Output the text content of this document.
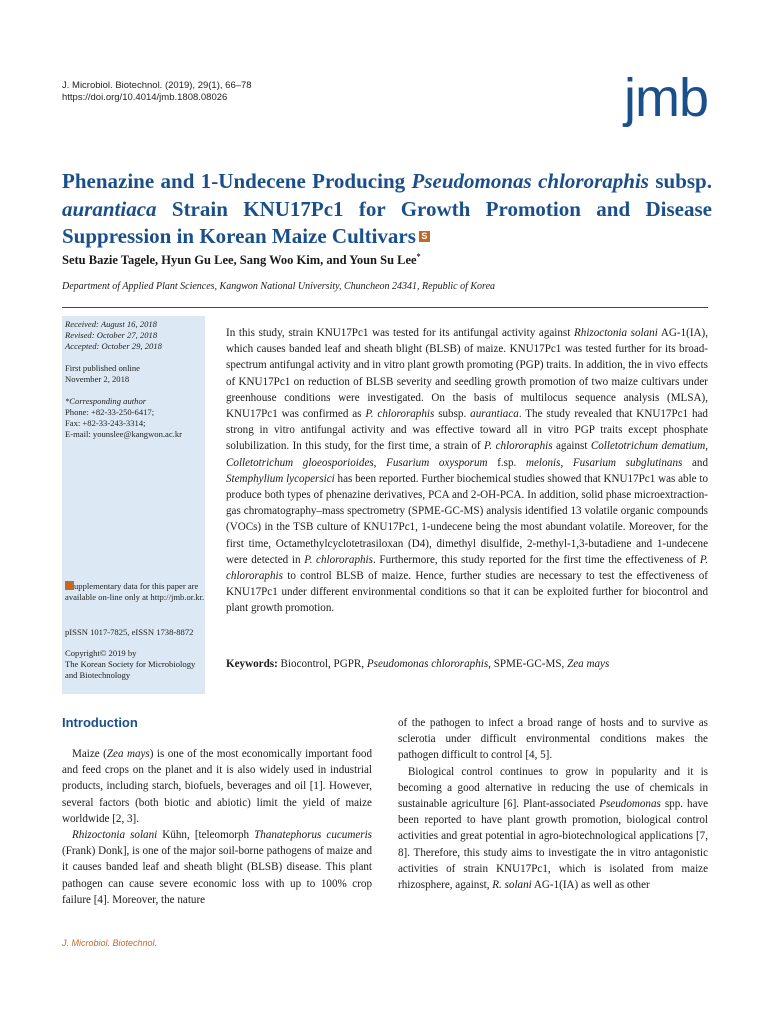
J. Microbiol. Biotechnol. (2019), 29(1), 66–78
https://doi.org/10.4014/jmb.1808.08026	jmb
Phenazine and 1-Undecene Producing Pseudomonas chlororaphis subsp. aurantiaca Strain KNU17Pc1 for Growth Promotion and Disease Suppression in Korean Maize Cultivars S
Setu Bazie Tagele, Hyun Gu Lee, Sang Woo Kim, and Youn Su Lee*
Department of Applied Plant Sciences, Kangwon National University, Chuncheon 24341, Republic of Korea
Received: August 16, 2018
Revised: October 27, 2018
Accepted: October 29, 2018
First published online
November 2, 2018
*Corresponding author
Phone: +82-33-250-6417;
Fax: +82-33-243-3314;
E-mail: younslee@kangwon.ac.kr
upplementary data for this paper are available on-line only at http://jmb.or.kr.
pISSN 1017-7825, eISSN 1738-8872
Copyright© 2019 by
The Korean Society for Microbiology
and Biotechnology

In this study, strain KNU17Pc1 was tested for its antifungal activity against Rhizoctonia solani AG-1(IA), which causes banded leaf and sheath blight (BLSB) of maize. KNU17Pc1 was tested further for its broad-spectrum antifungal activity and in vitro plant growth promoting (PGP) traits. In addition, the in vivo effects of KNU17Pc1 on reduction of BLSB severity and seedling growth promotion of two maize cultivars under greenhouse conditions were investigated. On the basis of multilocus sequence analysis (MLSA), KNU17Pc1 was confirmed as P. chlororaphis subsp. aurantiaca. The study revealed that KNU17Pc1 had strong in vitro antifungal activity and was effective toward all in vitro PGP traits except phosphate solubilization. In this study, for the first time, a strain of P. chlororaphis against Colletotrichum dematium, Colletotrichum gloeosporioides, Fusarium oxysporum f.sp. melonis, Fusarium subglutinans and Stemphylium lycopersici has been reported. Further biochemical studies showed that KNU17Pc1 was able to produce both types of phenazine derivatives, PCA and 2-OH-PCA. In addition, solid phase microextraction-gas chromatography–mass spectrometry (SPME-GC-MS) analysis identified 13 volatile organic compounds (VOCs) in the TSB culture of KNU17Pc1, 1-undecene being the most abundant volatile. Moreover, for the first time, Octamethylcyclotetrasiloxan (D4), dimethyl disulfide, 2-methyl-1,3-butadiene and 1-undecene were detected in P. chlororaphis. Furthermore, this study reported for the first time the effectiveness of P. chlororaphis to control BLSB of maize. Hence, further studies are necessary to test the effectiveness of KNU17Pc1 under different environmental conditions so that it can be exploited further for biocontrol and plant growth promotion.

Keywords: Biocontrol, PGPR, Pseudomonas chlororaphis, SPME-GC-MS, Zea mays
Introduction

Maize (Zea mays) is one of the most economically important food and feed crops on the planet and it is also widely used in industrial products, including starch, biofuels, beverages and oil [1]. However, several factors (both biotic and abiotic) limit the yield of maize worldwide [2, 3].

Rhizoctonia solani Kühn, [teleomorph Thanatephorus cucumeris (Frank) Donk], is one of the major soil-borne pathogens of maize and it causes banded leaf and sheath blight (BLSB) disease. This plant pathogen can cause severe economic loss with up to 100% crop failure [4]. Moreover, the nature

of the pathogen to infect a broad range of hosts and to survive as sclerotia under difficult environmental conditions makes the pathogen difficult to control [4, 5].

Biological control continues to grow in popularity and it is becoming a good alternative in reducing the use of chemicals in sustainable agriculture [6]. Plant-associated Pseudomonas spp. have been reported to have plant growth promotion, biological control activities and great potential in agro-biotechnological applications [7, 8]. Therefore, this study aims to investigate the in vitro antagonistic activities of strain KNU17Pc1, which is isolated from maize rhizosphere, against, R. solani AG-1(IA) as well as other

J. Microbiol. Biotechnol.
